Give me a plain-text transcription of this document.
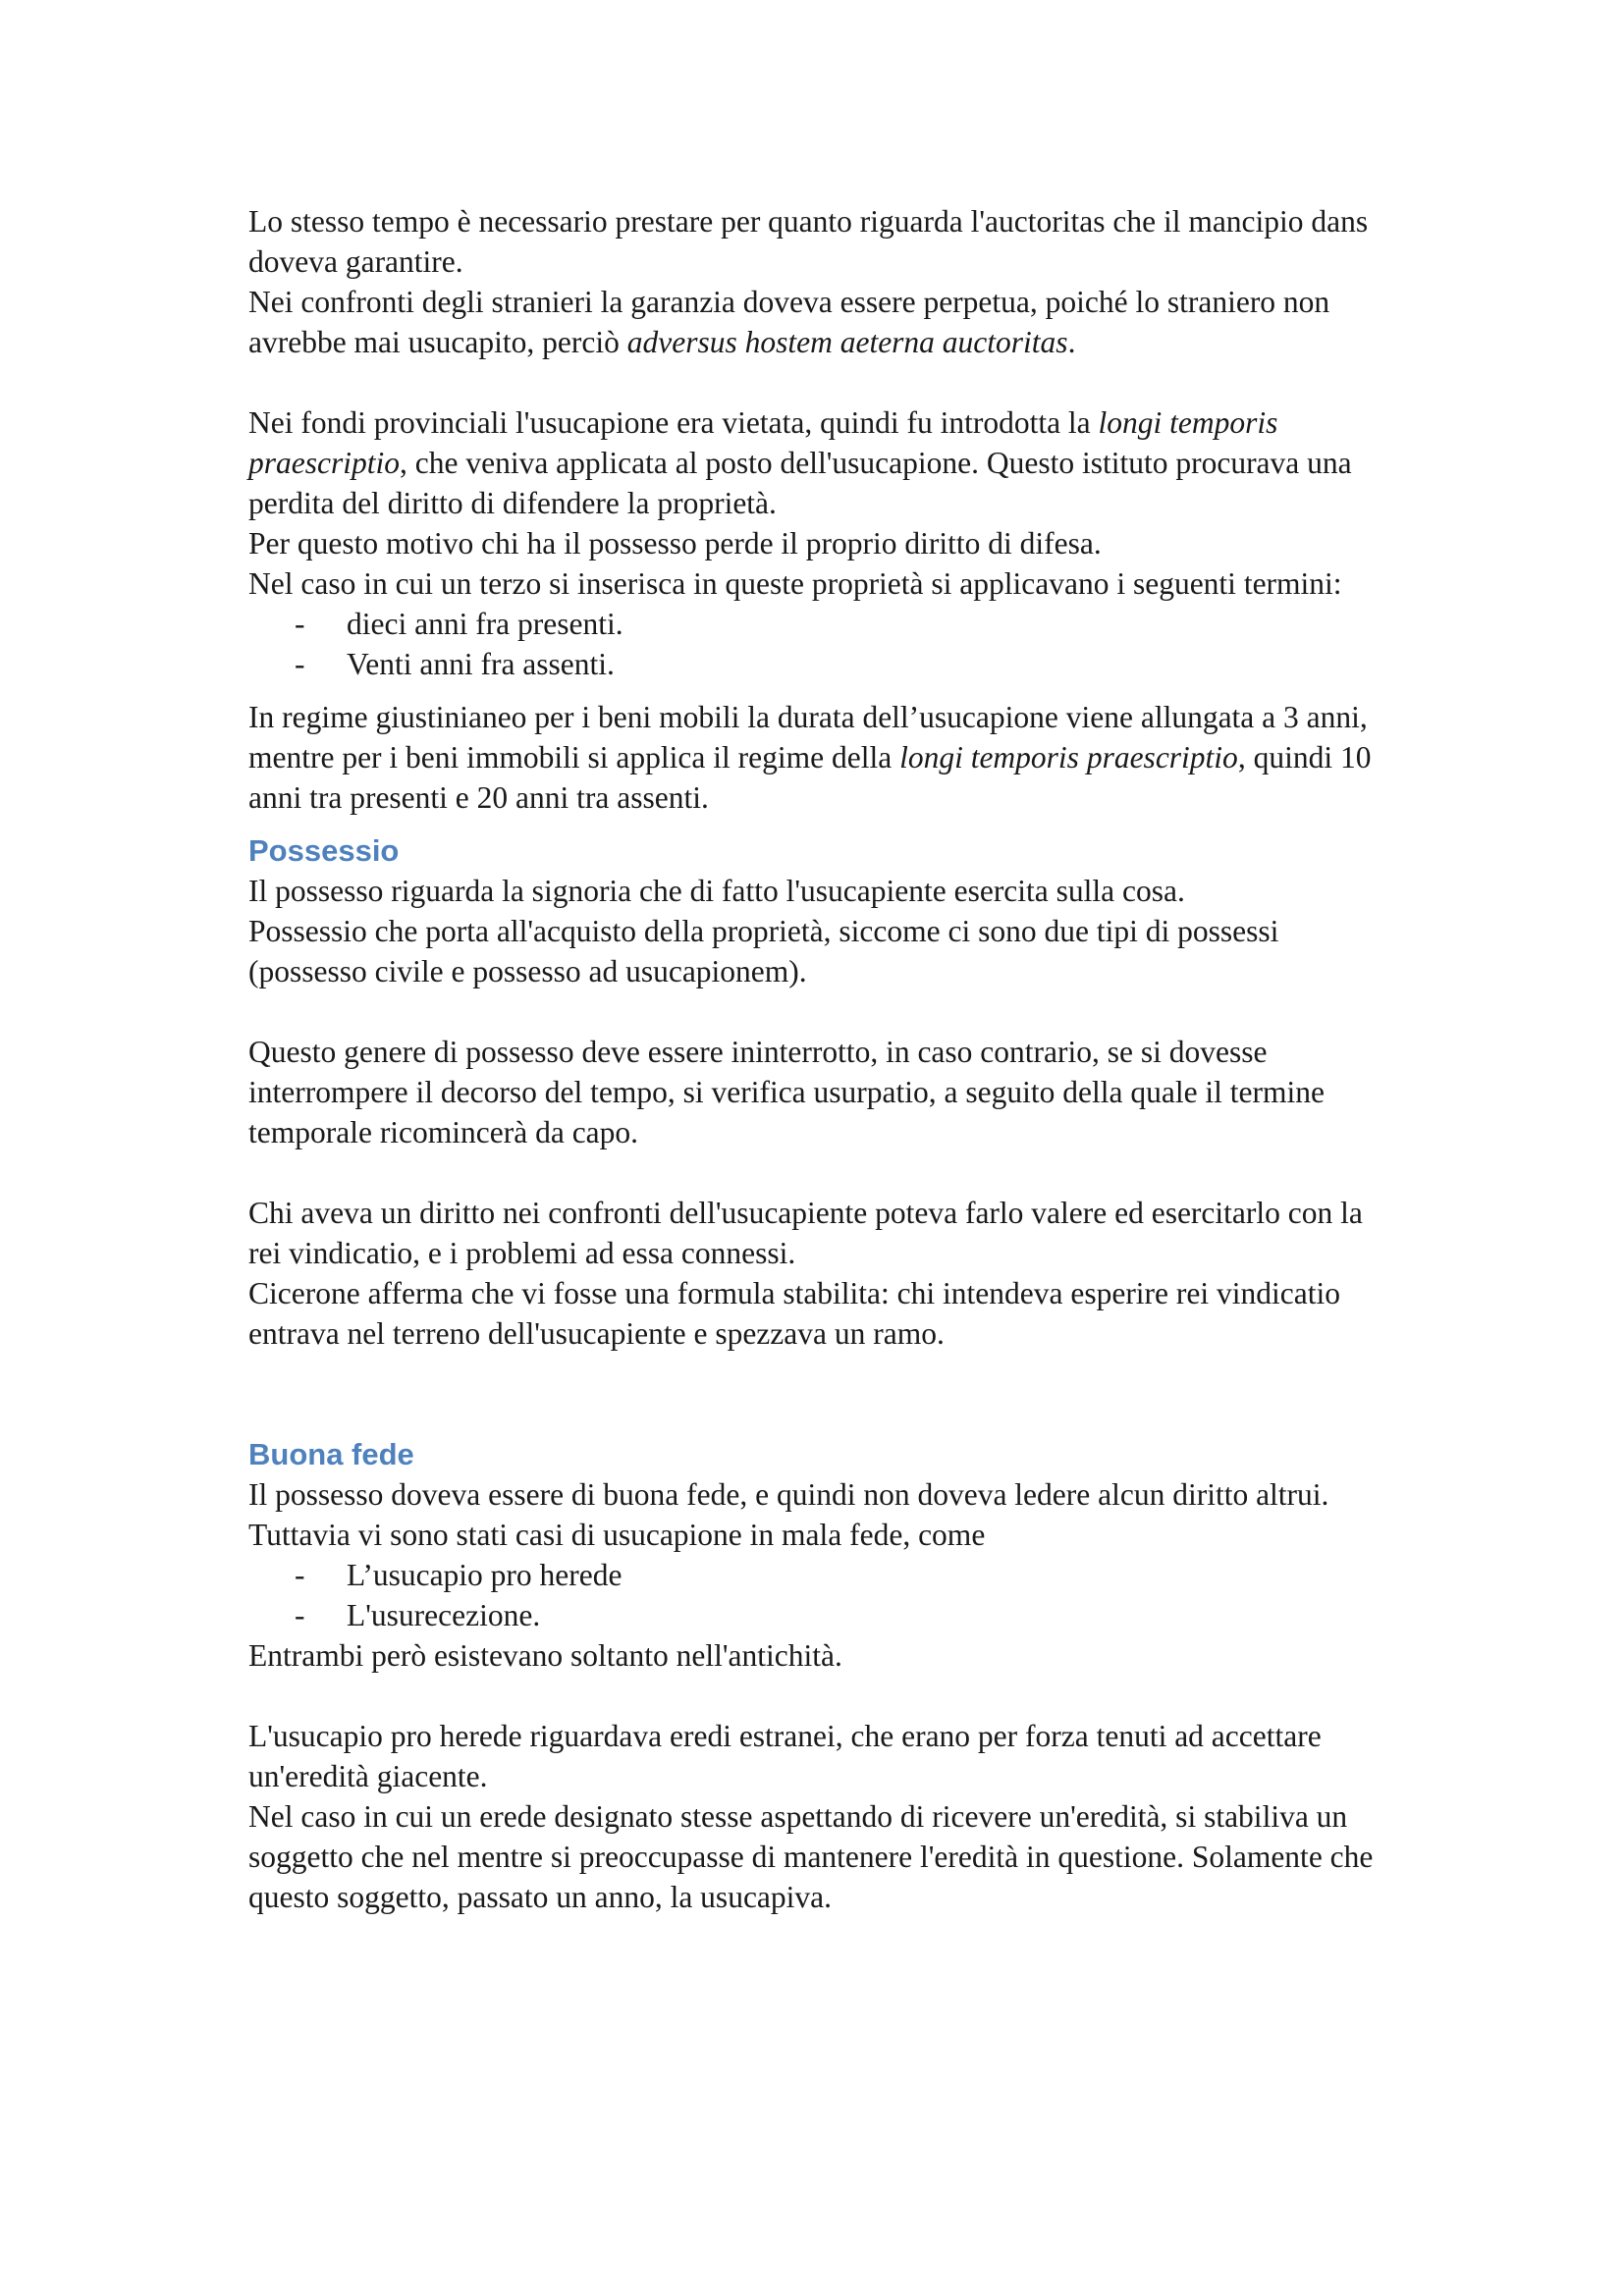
Lo stesso tempo è necessario prestare per quanto riguarda l'auctoritas che il mancipio dans doveva garantire.

Nei confronti degli stranieri la garanzia doveva essere perpetua, poiché lo straniero non avrebbe mai usucapito, perciò adversus hostem aeterna auctoritas.

Nei fondi provinciali l'usucapione era vietata, quindi fu introdotta la longi temporis praescriptio, che veniva applicata al posto dell'usucapione. Questo istituto procurava una perdita del diritto di difendere la proprietà.

Per questo motivo chi ha il possesso perde il proprio diritto di difesa.

Nel caso in cui un terzo si inserisca in queste proprietà si applicavano i seguenti termini:

- dieci anni fra presenti.
- Venti anni fra assenti.

In regime giustinianeo per i beni mobili la durata dell’usucapione viene allungata a 3 anni, mentre per i beni immobili si applica il regime della longi temporis praescriptio, quindi 10 anni tra presenti e 20 anni tra assenti.

Possessio

Il possesso riguarda la signoria che di fatto l'usucapiente esercita sulla cosa.

Possessio che porta all'acquisto della proprietà, siccome ci sono due tipi di possessi (possesso civile e possesso ad usucapionem).

Questo genere di possesso deve essere ininterrotto, in caso contrario, se si dovesse interrompere il decorso del tempo, si verifica usurpatio, a seguito della quale il termine temporale ricomincerà da capo.

Chi aveva un diritto nei confronti dell'usucapiente poteva farlo valere ed esercitarlo con la rei vindicatio, e i problemi ad essa connessi.

Cicerone afferma che vi fosse una formula stabilita: chi intendeva esperire rei vindicatio entrava nel terreno dell'usucapiente e spezzava un ramo.

Buona fede

Il possesso doveva essere di buona fede, e quindi non doveva ledere alcun diritto altrui.

Tuttavia vi sono stati casi di usucapione in mala fede, come

- L’usucapio pro herede
- L'usurecezione.

Entrambi però esistevano soltanto nell'antichità.

L'usucapio pro herede riguardava eredi estranei, che erano per forza tenuti ad accettare un'eredità giacente.

Nel caso in cui un erede designato stesse aspettando di ricevere un'eredità, si stabiliva un soggetto che nel mentre si preoccupasse di mantenere l'eredità in questione. Solamente che questo soggetto, passato un anno, la usucapiva.
